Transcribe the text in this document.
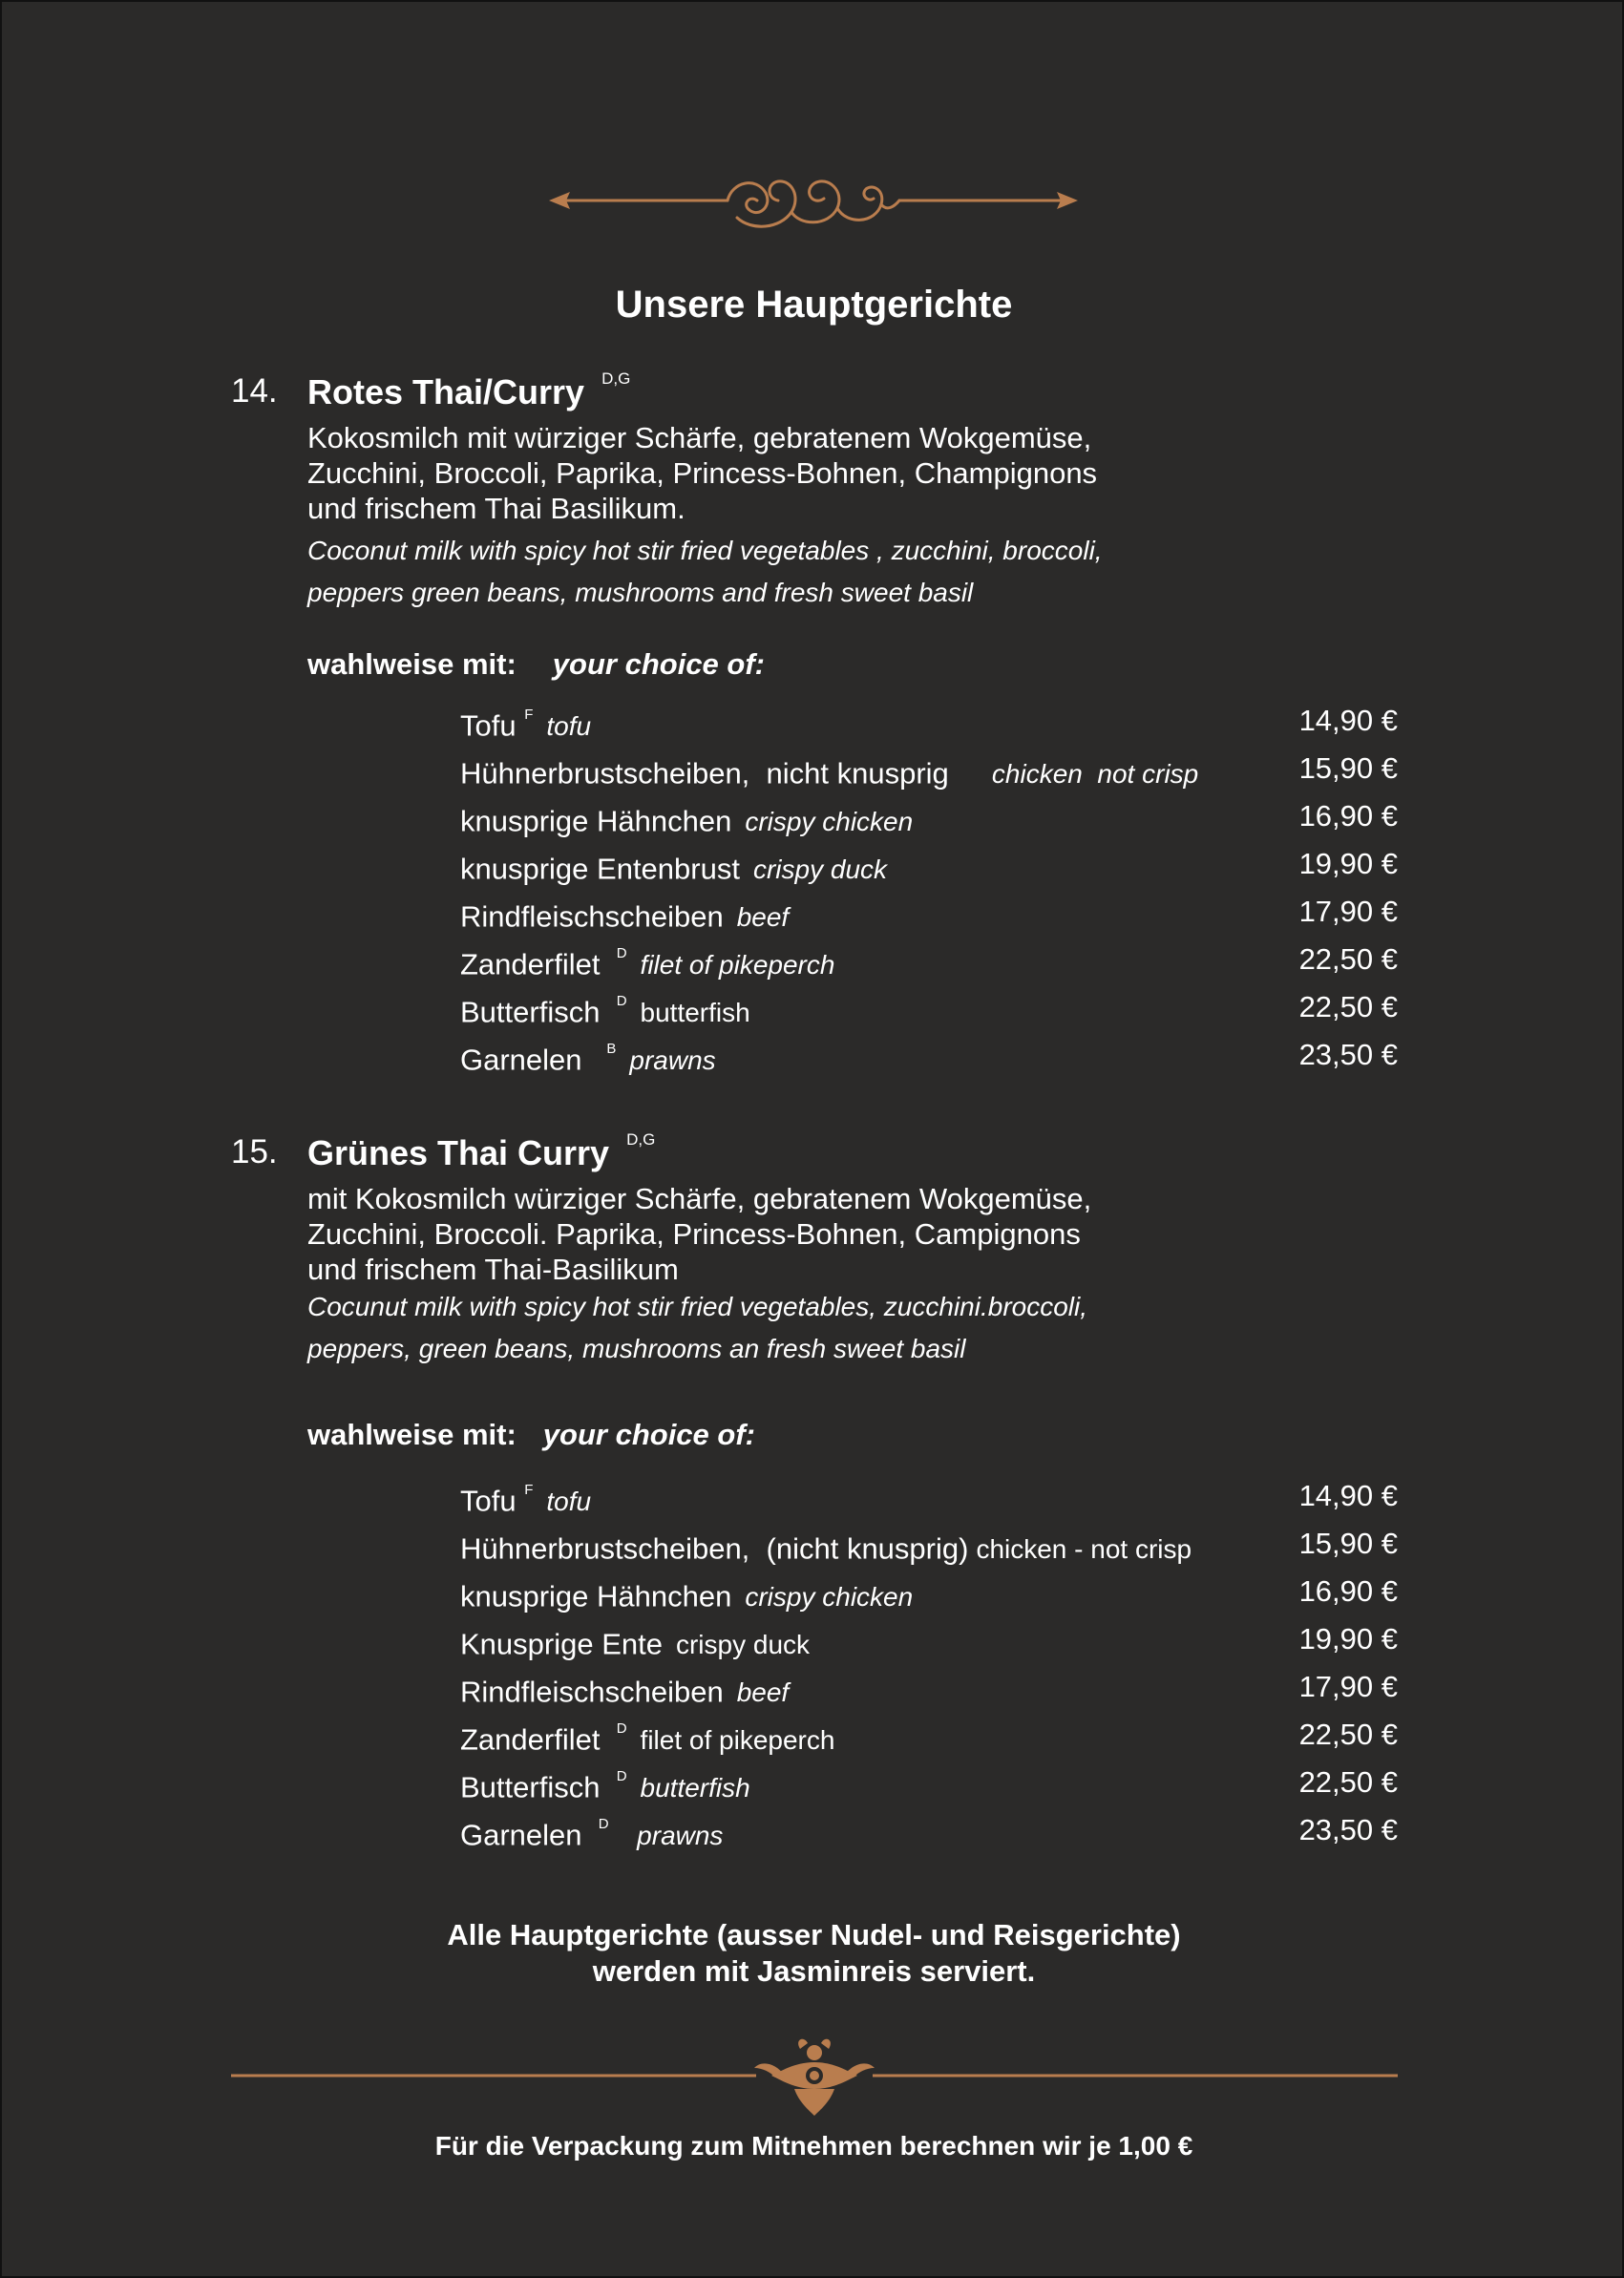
Unsere Hauptgerichte
14. Rotes Thai/Curry $^{D,G}$
Kokosmilch mit würziger Schärfe, gebratenem Wokgemüse,
Zucchini, Broccoli, Paprika, Princess-Bohnen, Champignons
und frischem Thai Basilikum.
Coconut milk with spicy hot stir fried vegetables , zucchini, broccoli,
peppers green beans, mushrooms and fresh sweet basil
wahlweise mit: your choice of:
Tofu $^F$ tofu	14,90 €
Hühnerbrustscheiben,  nicht knusprig    chicken  not crisp	15,90 €
knusprige Hähnchen crispy chicken	16,90 €
knusprige Entenbrust crispy duck	19,90 €
Rindfleischscheiben beef	17,90 €
Zanderfilet  $^D$ filet of pikeperch	22,50 €
Butterfisch  $^D$ butterfish	22,50 €
Garnelen   $^B$ prawns	23,50 €
15. Grünes Thai Curry $^{D,G}$
mit Kokosmilch würziger Schärfe, gebratenem Wokgemüse,
Zucchini, Broccoli. Paprika, Princess-Bohnen, Campignons
und frischem Thai-Basilikum
Cocunut milk with spicy hot stir fried vegetables, zucchini.broccoli,
peppers, green beans, mushrooms an fresh sweet basil
wahlweise mit: your choice of:
Tofu $^F$ tofu	14,90 €
Hühnerbrustscheiben,  (nicht knusprig) chicken - not crisp	15,90 €
knusprige Hähnchen crispy chicken	16,90 €
Knusprige Ente crispy duck	19,90 €
Rindfleischscheiben beef	17,90 €
Zanderfilet  $^D$ filet of pikeperch	22,50 €
Butterfisch  $^D$ butterfish	22,50 €
Garnelen  $^D$  prawns	23,50 €
Alle Hauptgerichte (ausser Nudel- und Reisgerichte)
werden mit Jasminreis serviert.
Für die Verpackung zum Mitnehmen berechnen wir je 1,00 €
